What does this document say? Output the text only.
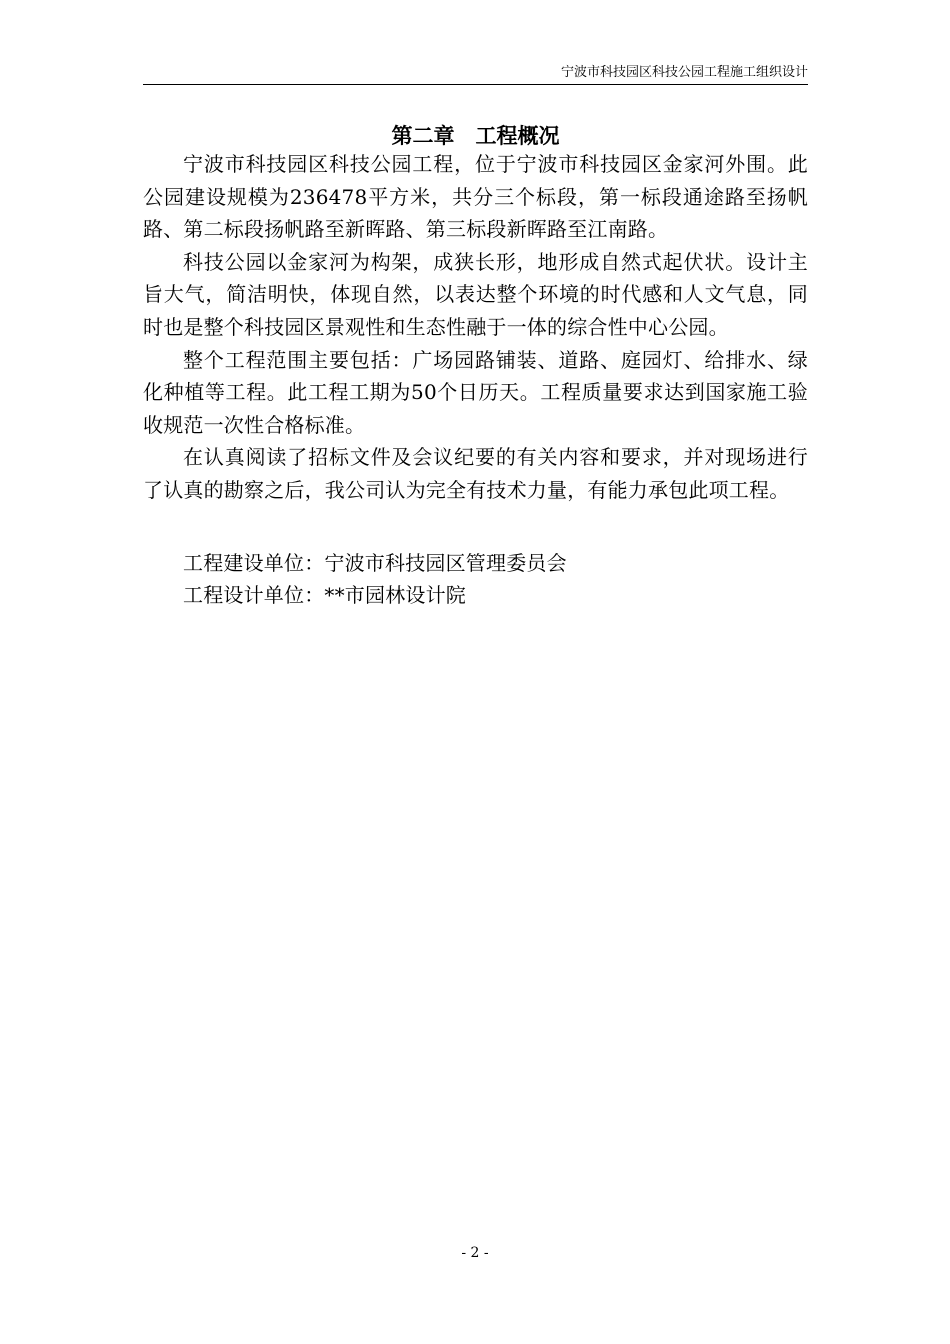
宁波市科技园区科技公园工程施工组织设计
第二章　工程概况

宁波市科技园区科技公园工程，位于宁波市科技园区金家河外围。此公园建设规模为236478平方米，共分三个标段，第一标段通途路至扬帆路、第二标段扬帆路至新晖路、第三标段新晖路至江南路。

科技公园以金家河为构架，成狭长形，地形成自然式起伏状。设计主旨大气，简洁明快，体现自然，以表达整个环境的时代感和人文气息，同时也是整个科技园区景观性和生态性融于一体的综合性中心公园。

整个工程范围主要包括：广场园路铺装、道路、庭园灯、给排水、绿化种植等工程。此工程工期为50个日历天。工程质量要求达到国家施工验收规范一次性合格标准。

在认真阅读了招标文件及会议纪要的有关内容和要求，并对现场进行了认真的勘察之后，我公司认为完全有技术力量，有能力承包此项工程。

工程建设单位：宁波市科技园区管理委员会

工程设计单位：**市园林设计院

- 2 -
